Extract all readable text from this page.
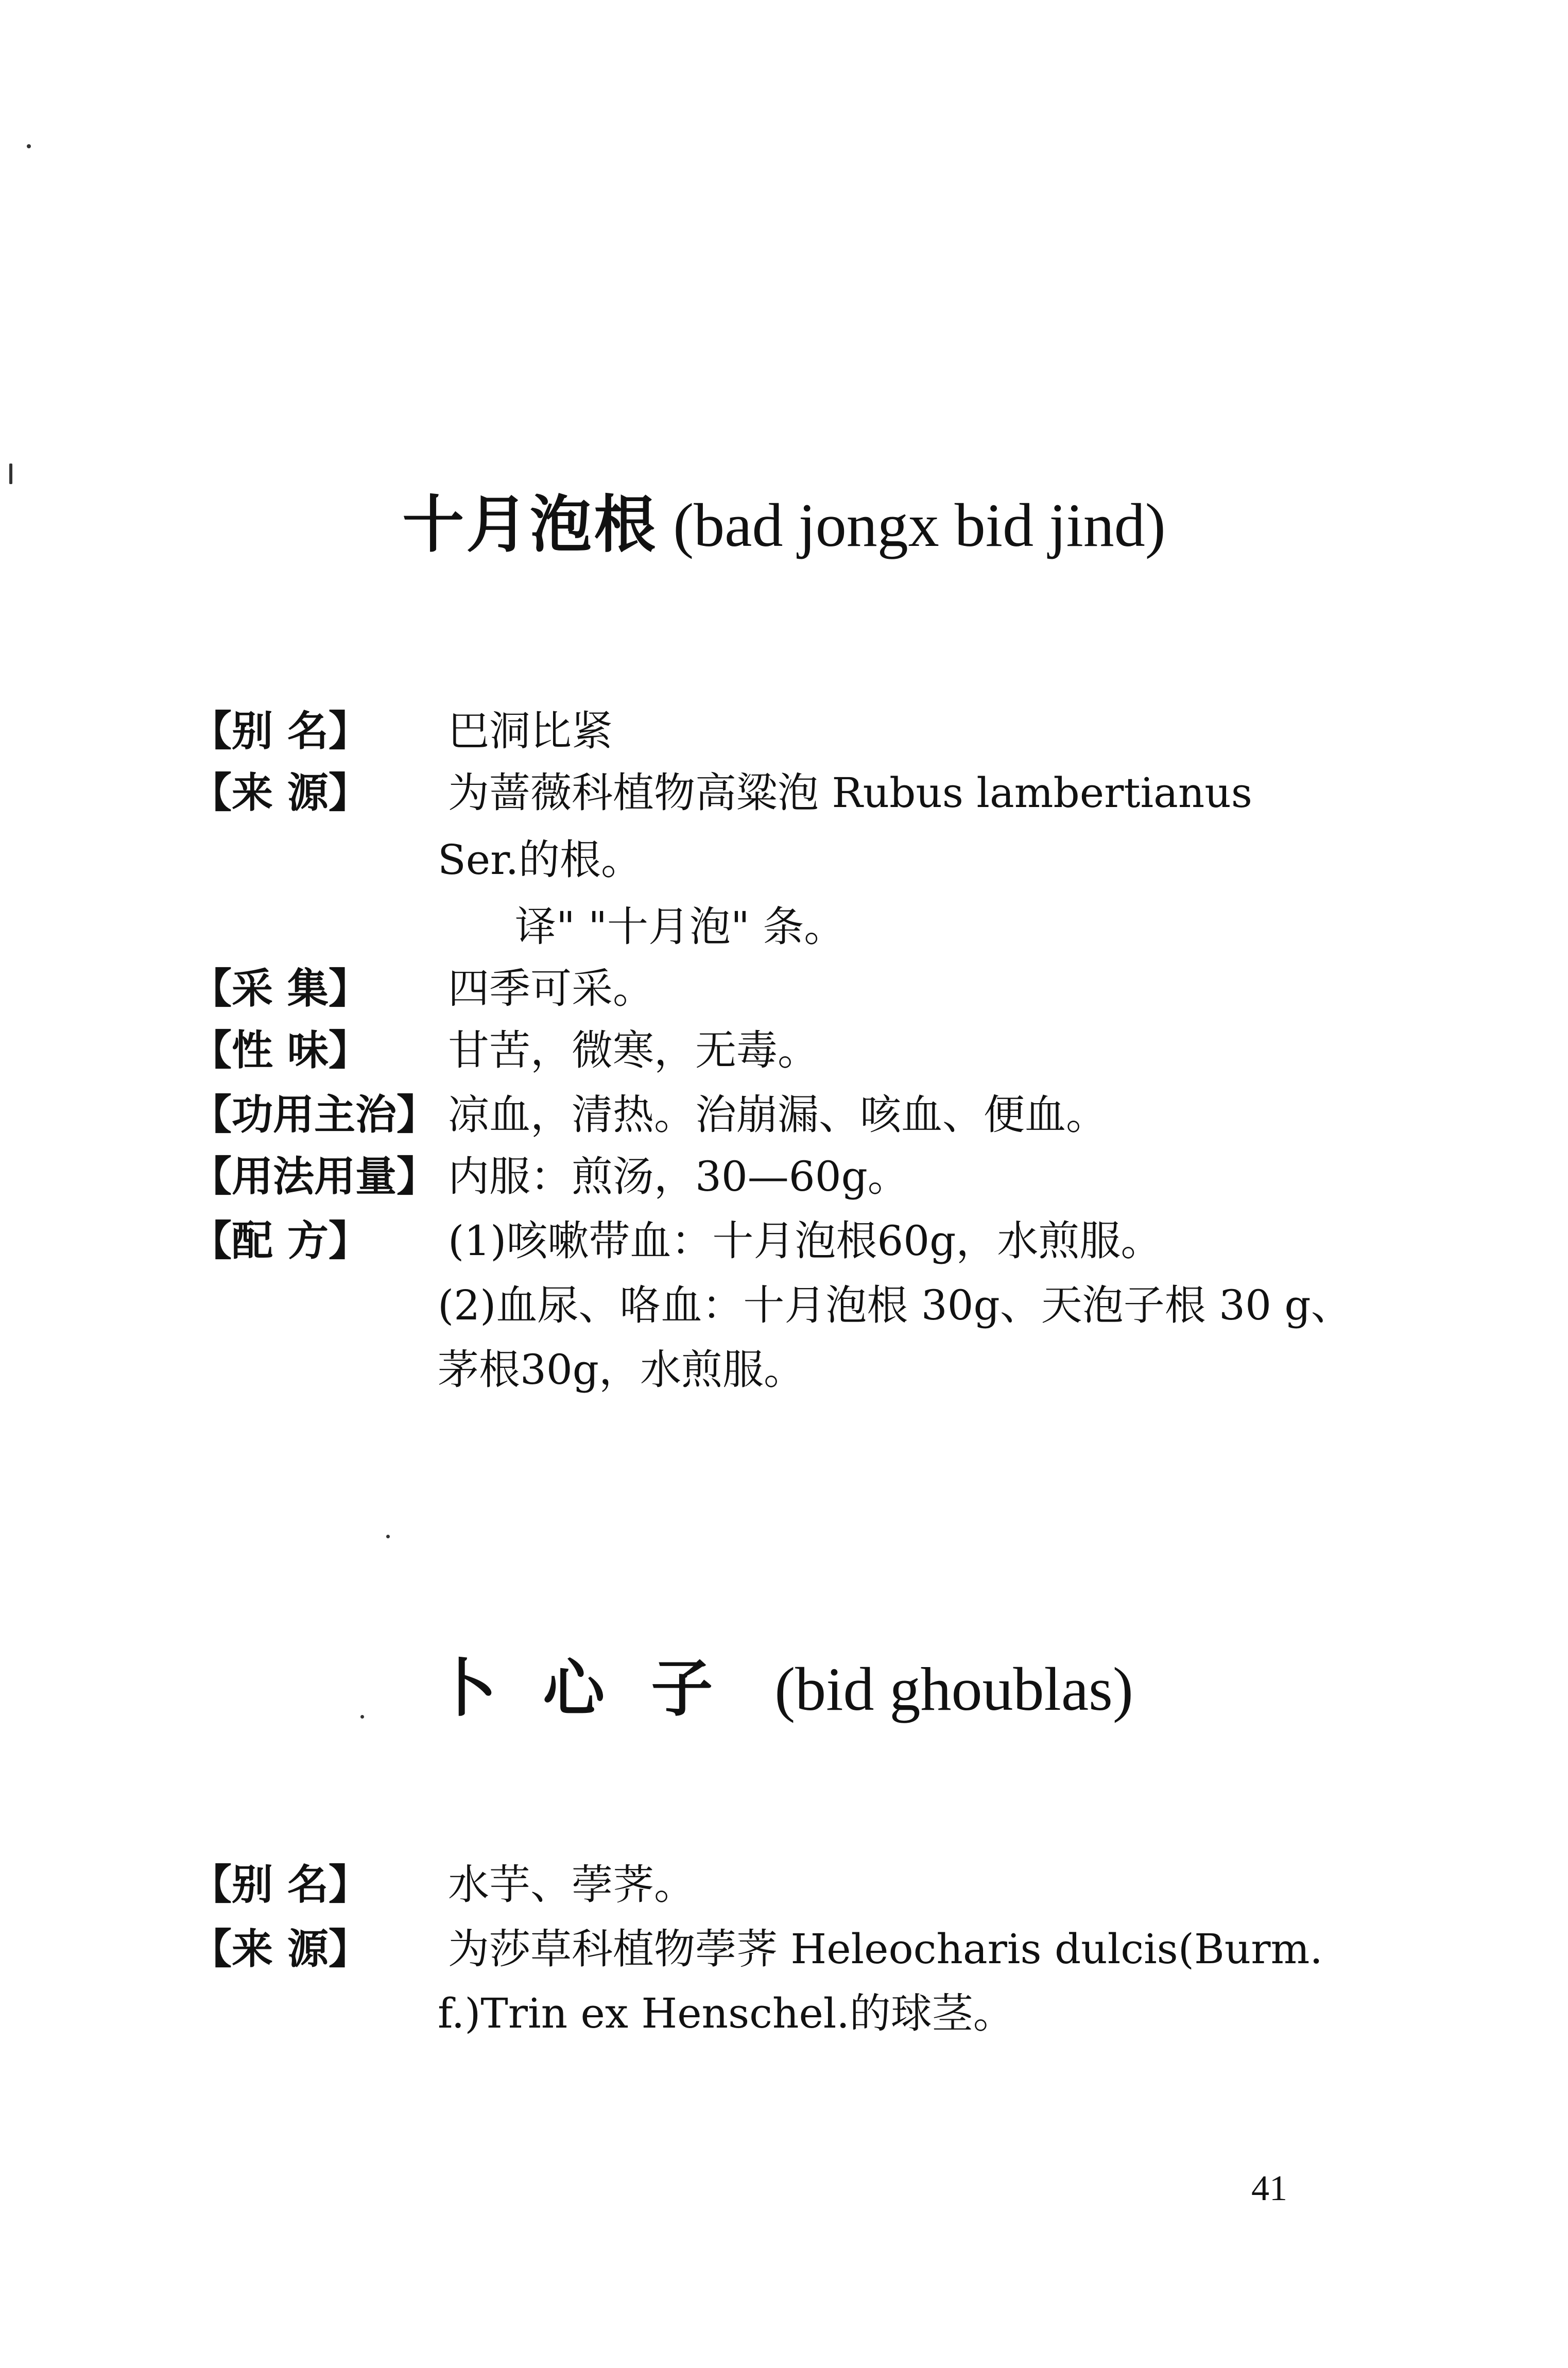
十月泡根 (bad jongx bid jind)
【别 名】	巴洞比紧
【来 源】	为蔷薇科植物高粱泡 Rubus lambertianus
Ser.的根。
译" "十月泡" 条。
【采 集】	四季可采。
【性 味】	甘苦，微寒，无毒。
【功用主治】 凉血，清热。治崩漏、咳血、便血。
【用法用量】 内服：煎汤，30—60g。
【配 方】	(1)咳嗽带血：十月泡根60g，水煎服。
(2)血尿、咯血：十月泡根 30g、天泡子根 30 g、
茅根30g，水煎服。
卜心子 (bid ghoublas)
【别 名】	水芋、荸荠。
【来 源】	为莎草科植物荸荠 Heleocharis dulcis(Burm.
f.)Trin ex Henschel.的球茎。
41
